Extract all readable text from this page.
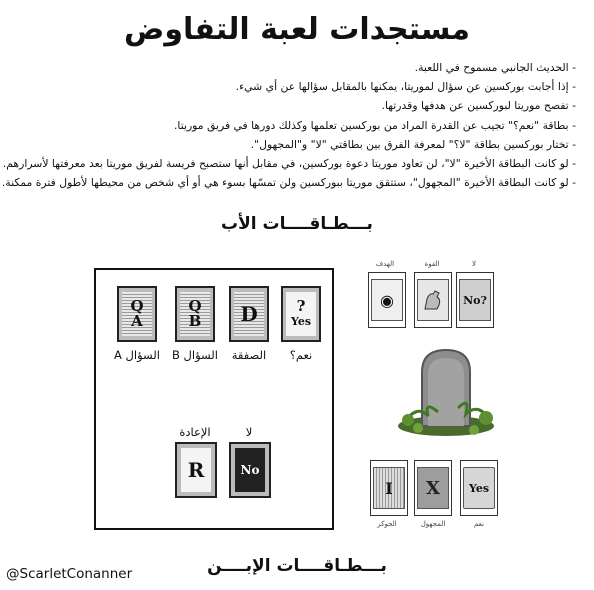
مستجدات لعبة التفاوض
- الحديث الجانبي مسموح في اللعبة.
- إذا أجابت بوركسين عن سؤال لموريتا، يمكنها بالمقابل سؤالها عن أي شيء.
- تفصح موريتا لبوركسين عن هدفها وقدرتها.
- بطاقة "نعم؟" تجيب عن القدرة المراد من بوركسين تعلمها وكذلك دورها في فريق موريتا.
- تختار بوركسين بطاقة "لا؟" لمعرفة الفرق بين بطاقتي "لا" و"المجهول".
- لو كانت البطاقة الأخيرة "لا"، لن تعاود موريتا دعوة بوركسين، في مقابل أنها ستصبح فريسة لفريق موريتا بعد معرفتها لأسرارهم.
- لو كانت البطاقة الأخيرة "المجهول"، ستتقق موريتا ببوركسين ولن تمسّها بسوء هي أو أي شخص من محيطها لأطول فترة ممكنة.
بـــطـاقــــات الأب
?
Yes
D
Q
B
Q
A
نعم؟
الصفقة
السؤال B
السؤال A
لا
الإعادة
No
R
لا
القوة
الهدف
No?
◉
Yes
X
I
نعم
المجهول
الجوكر
بـــطـاقــــات الإبــــن
@ScarletConanner
